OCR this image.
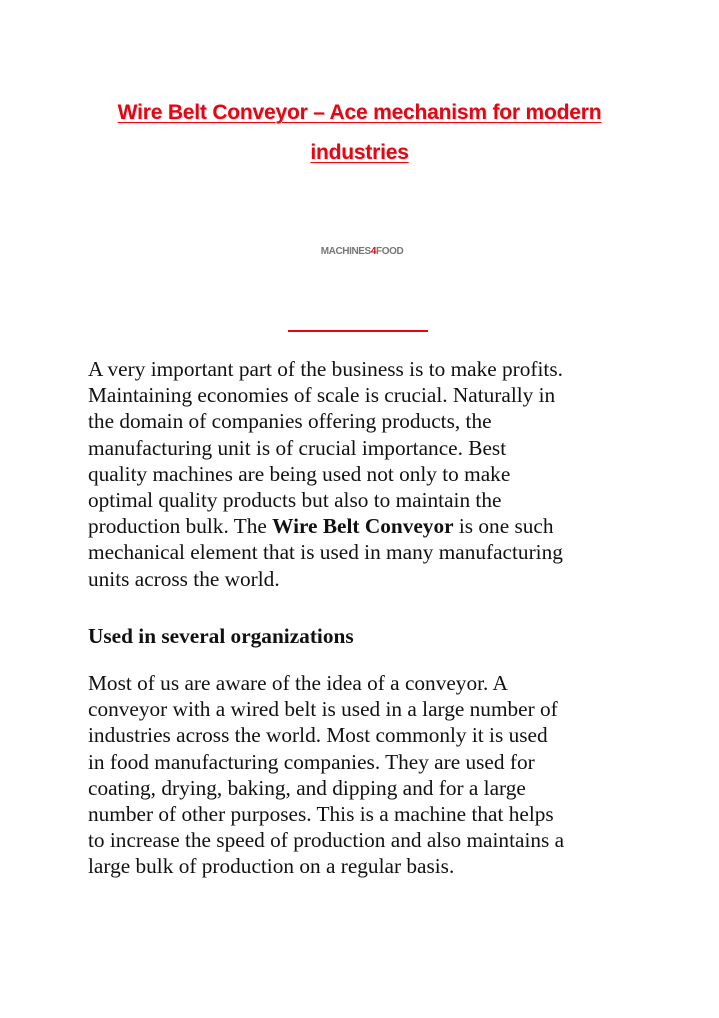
Wire Belt Conveyor – Ace mechanism for modern
industries
MACHINES4FOOD

A very important part of the business is to make profits.
Maintaining economies of scale is crucial. Naturally in
the domain of companies offering products, the
manufacturing unit is of crucial importance. Best
quality machines are being used not only to make
optimal quality products but also to maintain the
production bulk. The Wire Belt Conveyor is one such
mechanical element that is used in many manufacturing
units across the world.

Used in several organizations

Most of us are aware of the idea of a conveyor. A
conveyor with a wired belt is used in a large number of
industries across the world. Most commonly it is used
in food manufacturing companies. They are used for
coating, drying, baking, and dipping and for a large
number of other purposes. This is a machine that helps
to increase the speed of production and also maintains a
large bulk of production on a regular basis.
